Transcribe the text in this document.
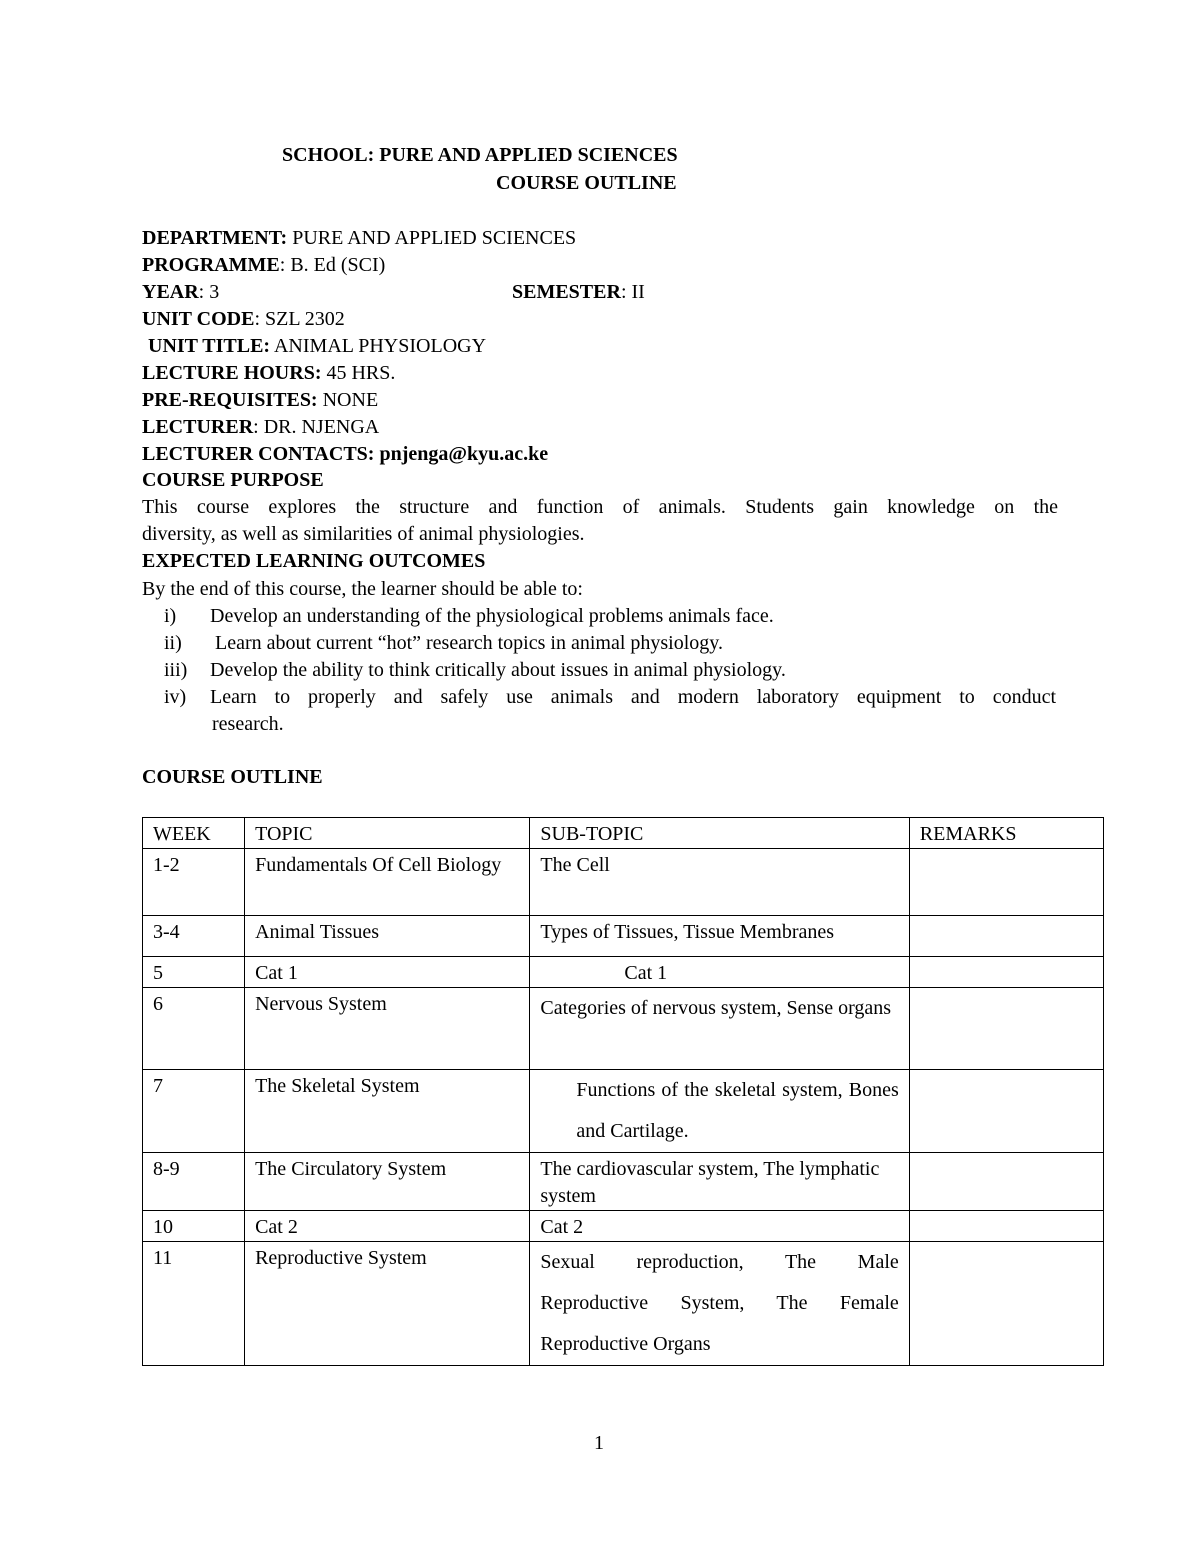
SCHOOL: PURE AND APPLIED SCIENCES
COURSE OUTLINE
DEPARTMENT: PURE AND APPLIED SCIENCES
PROGRAMME: B. Ed (SCI)
YEAR: 3	SEMESTER: II
UNIT CODE: SZL 2302
UNIT TITLE: ANIMAL PHYSIOLOGY
LECTURE HOURS: 45 HRS.
PRE-REQUISITES: NONE
LECTURER: DR. NJENGA
LECTURER CONTACTS: pnjenga@kyu.ac.ke
COURSE PURPOSE
This course explores the structure and function of animals. Students gain knowledge on the
diversity, as well as similarities of animal physiologies.
EXPECTED LEARNING OUTCOMES
By the end of this course, the learner should be able to:
i) Develop an understanding of the physiological problems animals face.
ii) Learn about current “hot” research topics in animal physiology.
iii) Develop the ability to think critically about issues in animal physiology.
iv) Learn to properly and safely use animals and modern laboratory equipment to conduct
research.
COURSE OUTLINE
WEEK	TOPIC	SUB-TOPIC	REMARKS
1-2	Fundamentals Of Cell Biology	The Cell	
3-4	Animal Tissues	Types of Tissues, Tissue Membranes	
5	Cat 1	Cat 1	
6	Nervous System	Categories of nervous system, Sense organs	
7	The Skeletal System	Functions of the skeletal system, Bones and Cartilage.	
8-9	The Circulatory System	The cardiovascular system, The lymphatic system	
10	Cat 2	Cat 2	
11	Reproductive System	Sexual reproduction, The Male Reproductive System, The Female Reproductive Organs	
1
